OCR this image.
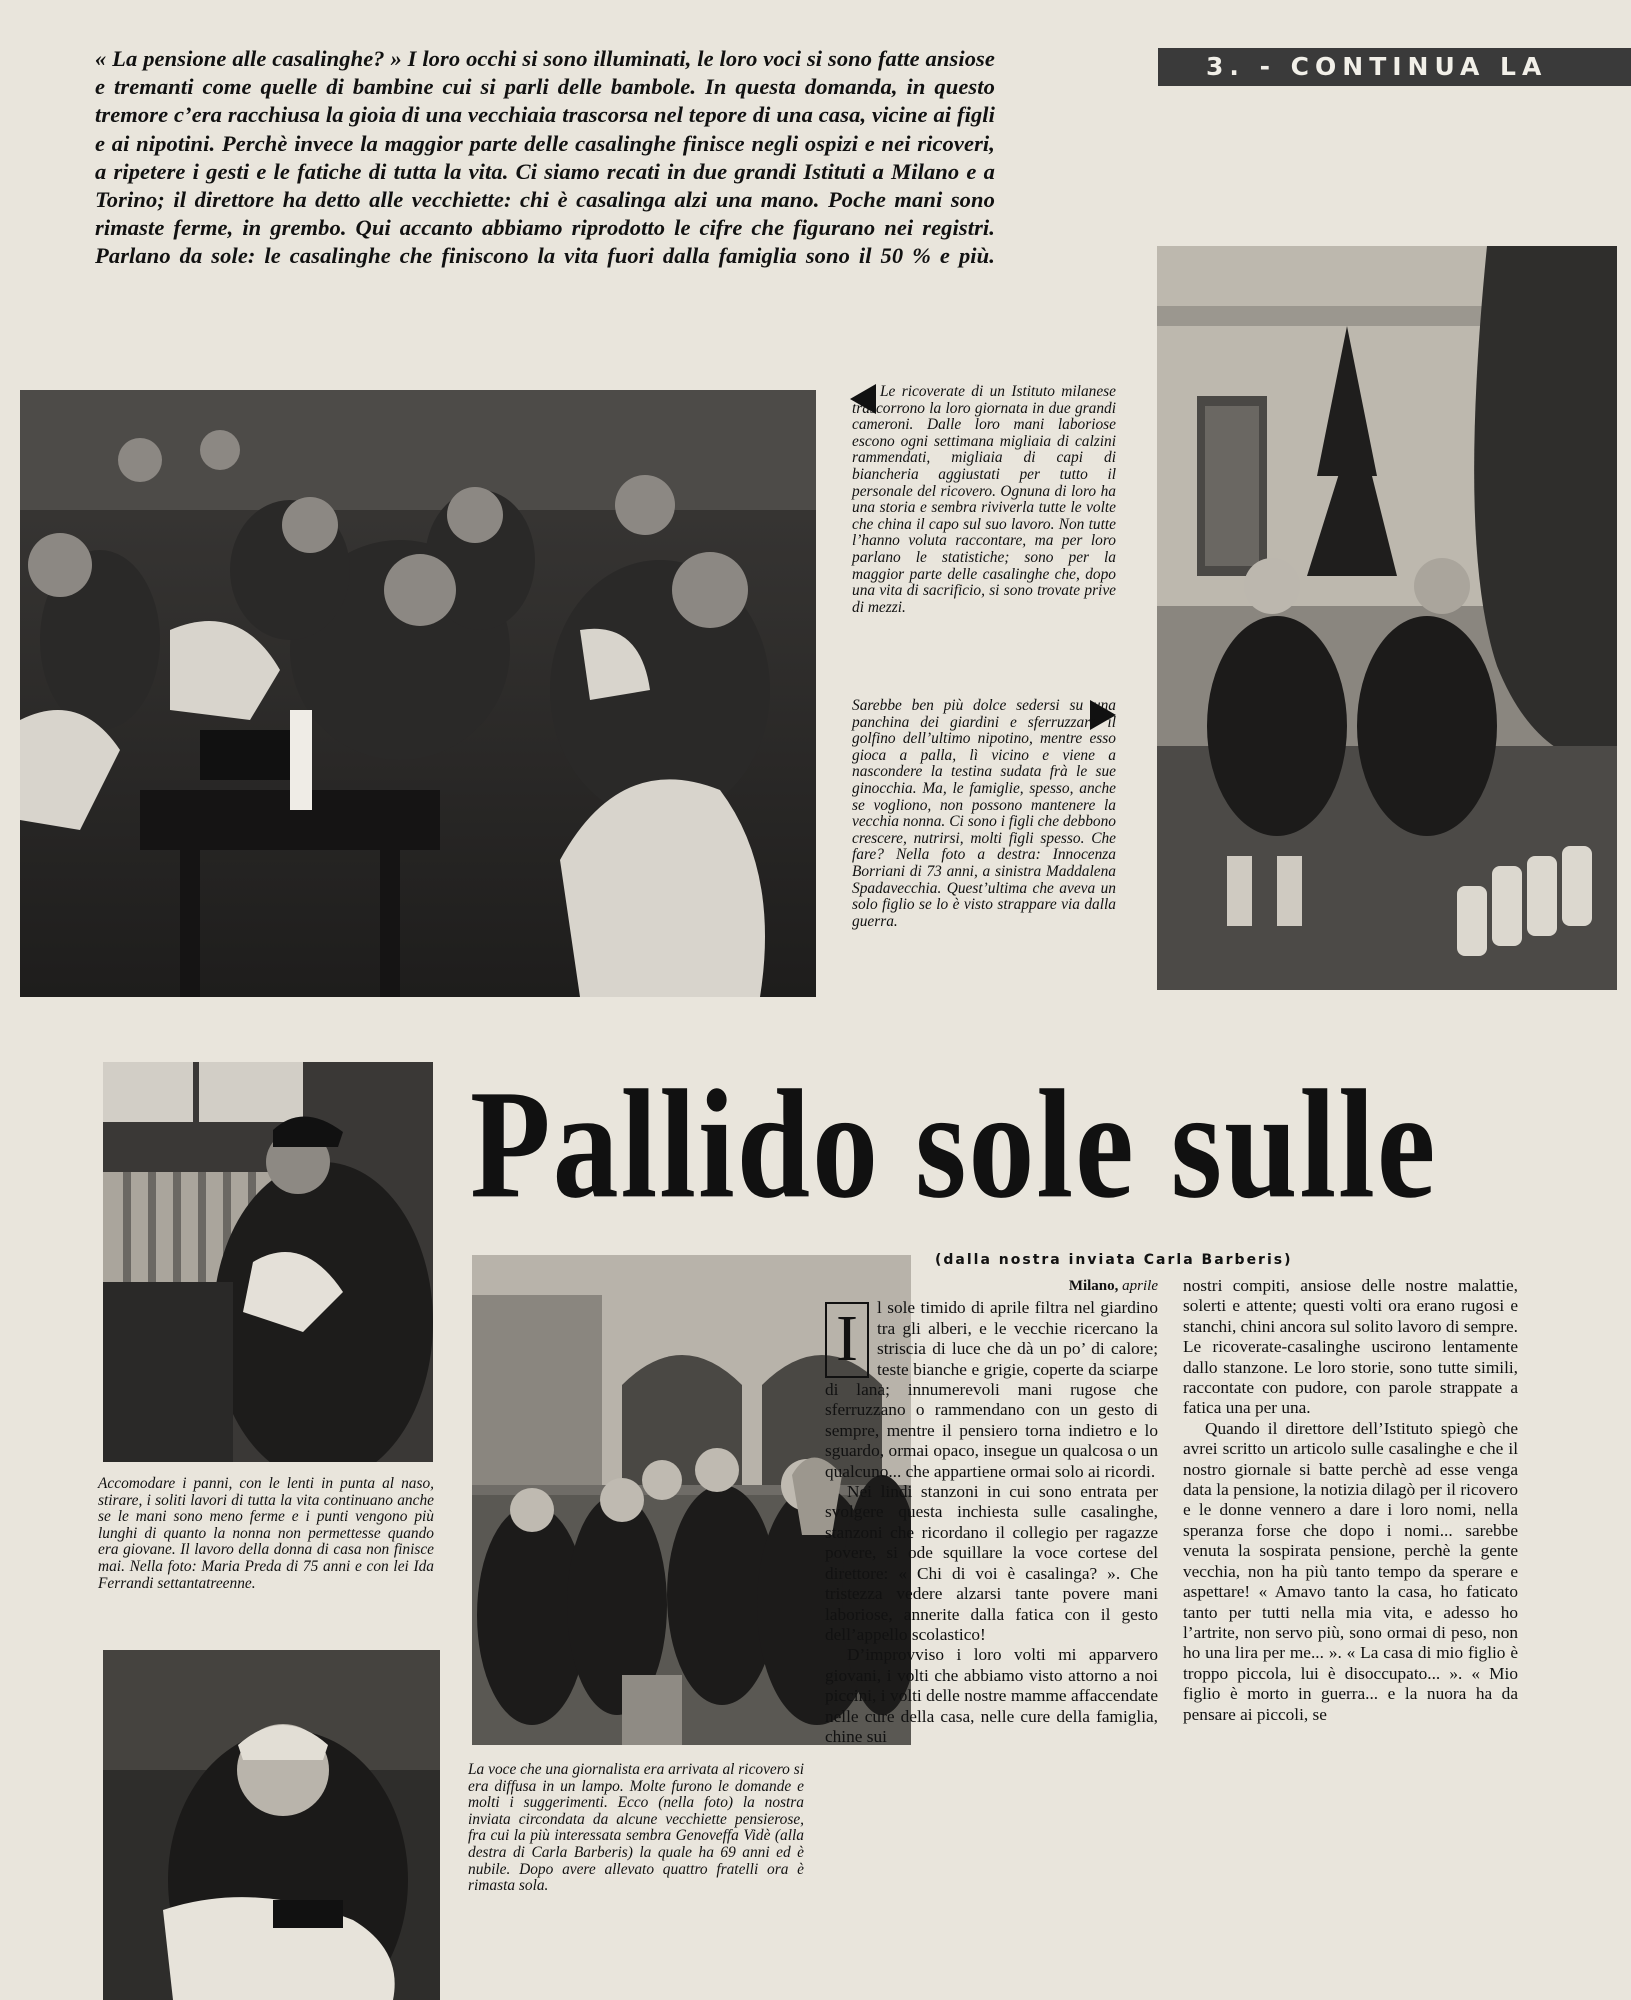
« La pensione alle casalinghe? » I loro occhi si sono illuminati, le loro voci si sono fatte ansiose e tremanti come quelle di bambine cui si parli delle bambole. In questa domanda, in questo tremore c’era racchiusa la gioia di una vecchiaia trascorsa nel tepore di una casa, vicine ai figli e ai nipotini. Perchè invece la maggior parte delle casalinghe finisce negli ospizi e nei ricoveri, a ripetere i gesti e le fatiche di tutta la vita. Ci siamo recati in due grandi Istituti a Milano e a Torino; il direttore ha detto alle vecchiette: chi è casalinga alzi una mano. Poche mani sono rimaste ferme, in grembo. Qui accanto abbiamo riprodotto le cifre che figurano nei registri. Parlano da sole: le casalinghe che finiscono la vita fuori dalla famiglia sono il 50 % e più.
3. - CONTINUA LA
Le ricoverate di un Istituto milanese trascorrono la loro giornata in due grandi cameroni. Dalle loro mani laboriose escono ogni settimana migliaia di calzini rammendati, migliaia di capi di biancheria aggiustati per tutto il personale del ricovero. Ognuna di loro ha una storia e sembra riviverla tutte le volte che china il capo sul suo lavoro. Non tutte l’hanno voluta raccontare, ma per loro parlano le statistiche; sono per la maggior parte delle casalinghe che, dopo una vita di sacrificio, si sono trovate prive di mezzi.
Sarebbe ben più dolce sedersi su una panchina dei giardini e sferruzzare il golfino dell’ultimo nipotino, mentre esso gioca a palla, lì vicino e viene a nascondere la testina sudata frà le sue ginocchia. Ma, le famiglie, spesso, anche se vogliono, non possono mantenere la vecchia nonna. Ci sono i figli che debbono crescere, nutrirsi, molti figli spesso. Che fare? Nella foto a destra: Innocenza Borriani di 73 anni, a sinistra Maddalena Spadavecchia. Quest’ultima che aveva un solo figlio se lo è visto strappare via dalla guerra.
Accomodare i panni, con le lenti in punta al naso, stirare, i soliti lavori di tutta la vita continuano anche se le mani sono meno ferme e i punti vengono più lunghi di quanto la nonna non permettesse quando era giovane. Il lavoro della donna di casa non finisce mai. Nella foto: Maria Preda di 75 anni e con lei Ida Ferrandi settantatreenne.
La voce che una giornalista era arrivata al ricovero si era diffusa in un lampo. Molte furono le domande e molti i suggerimenti. Ecco (nella foto) la nostra inviata circondata da alcune vecchiette pensierose, fra cui la più interessata sembra Genoveffa Vidè (alla destra di Carla Barberis) la quale ha 69 anni ed è nubile. Dopo avere allevato quattro fratelli ora è rimasta sola.
Pallido sole sulle
(dalla nostra inviata Carla Barberis)
Milano, aprile

I	l sole timido di aprile filtra nel giardino tra gli alberi, e le vecchie ricercano la striscia di luce che dà un po’ di calore; teste bianche e grigie, coperte da sciarpe di lana; innumerevoli mani rugose che sferruzzano o rammendano con un gesto di sempre, mentre il pensiero torna indietro e lo sguardo, ormai opaco, insegue un qualcosa o un qualcuno... che appartiene ormai solo ai ricordi.

Nei lindi stanzoni in cui sono entrata per svolgere questa inchiesta sulle casalinghe, stanzoni che ricordano il collegio per ragazze povere, si ode squillare la voce cortese del direttore: « Chi di voi è casalinga? ». Che tristezza vedere alzarsi tante povere mani laboriose, annerite dalla fatica con il gesto dell’appello scolastico!

D’improvviso i loro volti mi apparvero giovani, i volti che abbiamo visto attorno a noi piccini, i volti delle nostre mamme affaccendate nelle cure della casa, nelle cure della famiglia, chine sui

nostri compiti, ansiose delle nostre malattie, solerti e attente; questi volti ora erano rugosi e stanchi, chini ancora sul solito lavoro di sempre. Le ricoverate-casalinghe uscirono lentamente dallo stanzone. Le loro storie, sono tutte simili, raccontate con pudore, con parole strappate a fatica una per una.

Quando il direttore dell’Istituto spiegò che avrei scritto un articolo sulle casalinghe e che il nostro giornale si batte perchè ad esse venga data la pensione, la notizia dilagò per il ricovero e le donne vennero a dare i loro nomi, nella speranza forse che dopo i nomi... sarebbe venuta la sospirata pensione, perchè la gente vecchia, non ha più tanto tempo da sperare e aspettare! « Amavo tanto la casa, ho faticato tanto per tutti nella mia vita, e adesso ho l’artrite, non servo più, sono ormai di peso, non ho una lira per me... ». « La casa di mio figlio è troppo piccola, lui è disoccupato... ». « Mio figlio è morto in guerra... e la nuora ha da pensare ai piccoli, se
